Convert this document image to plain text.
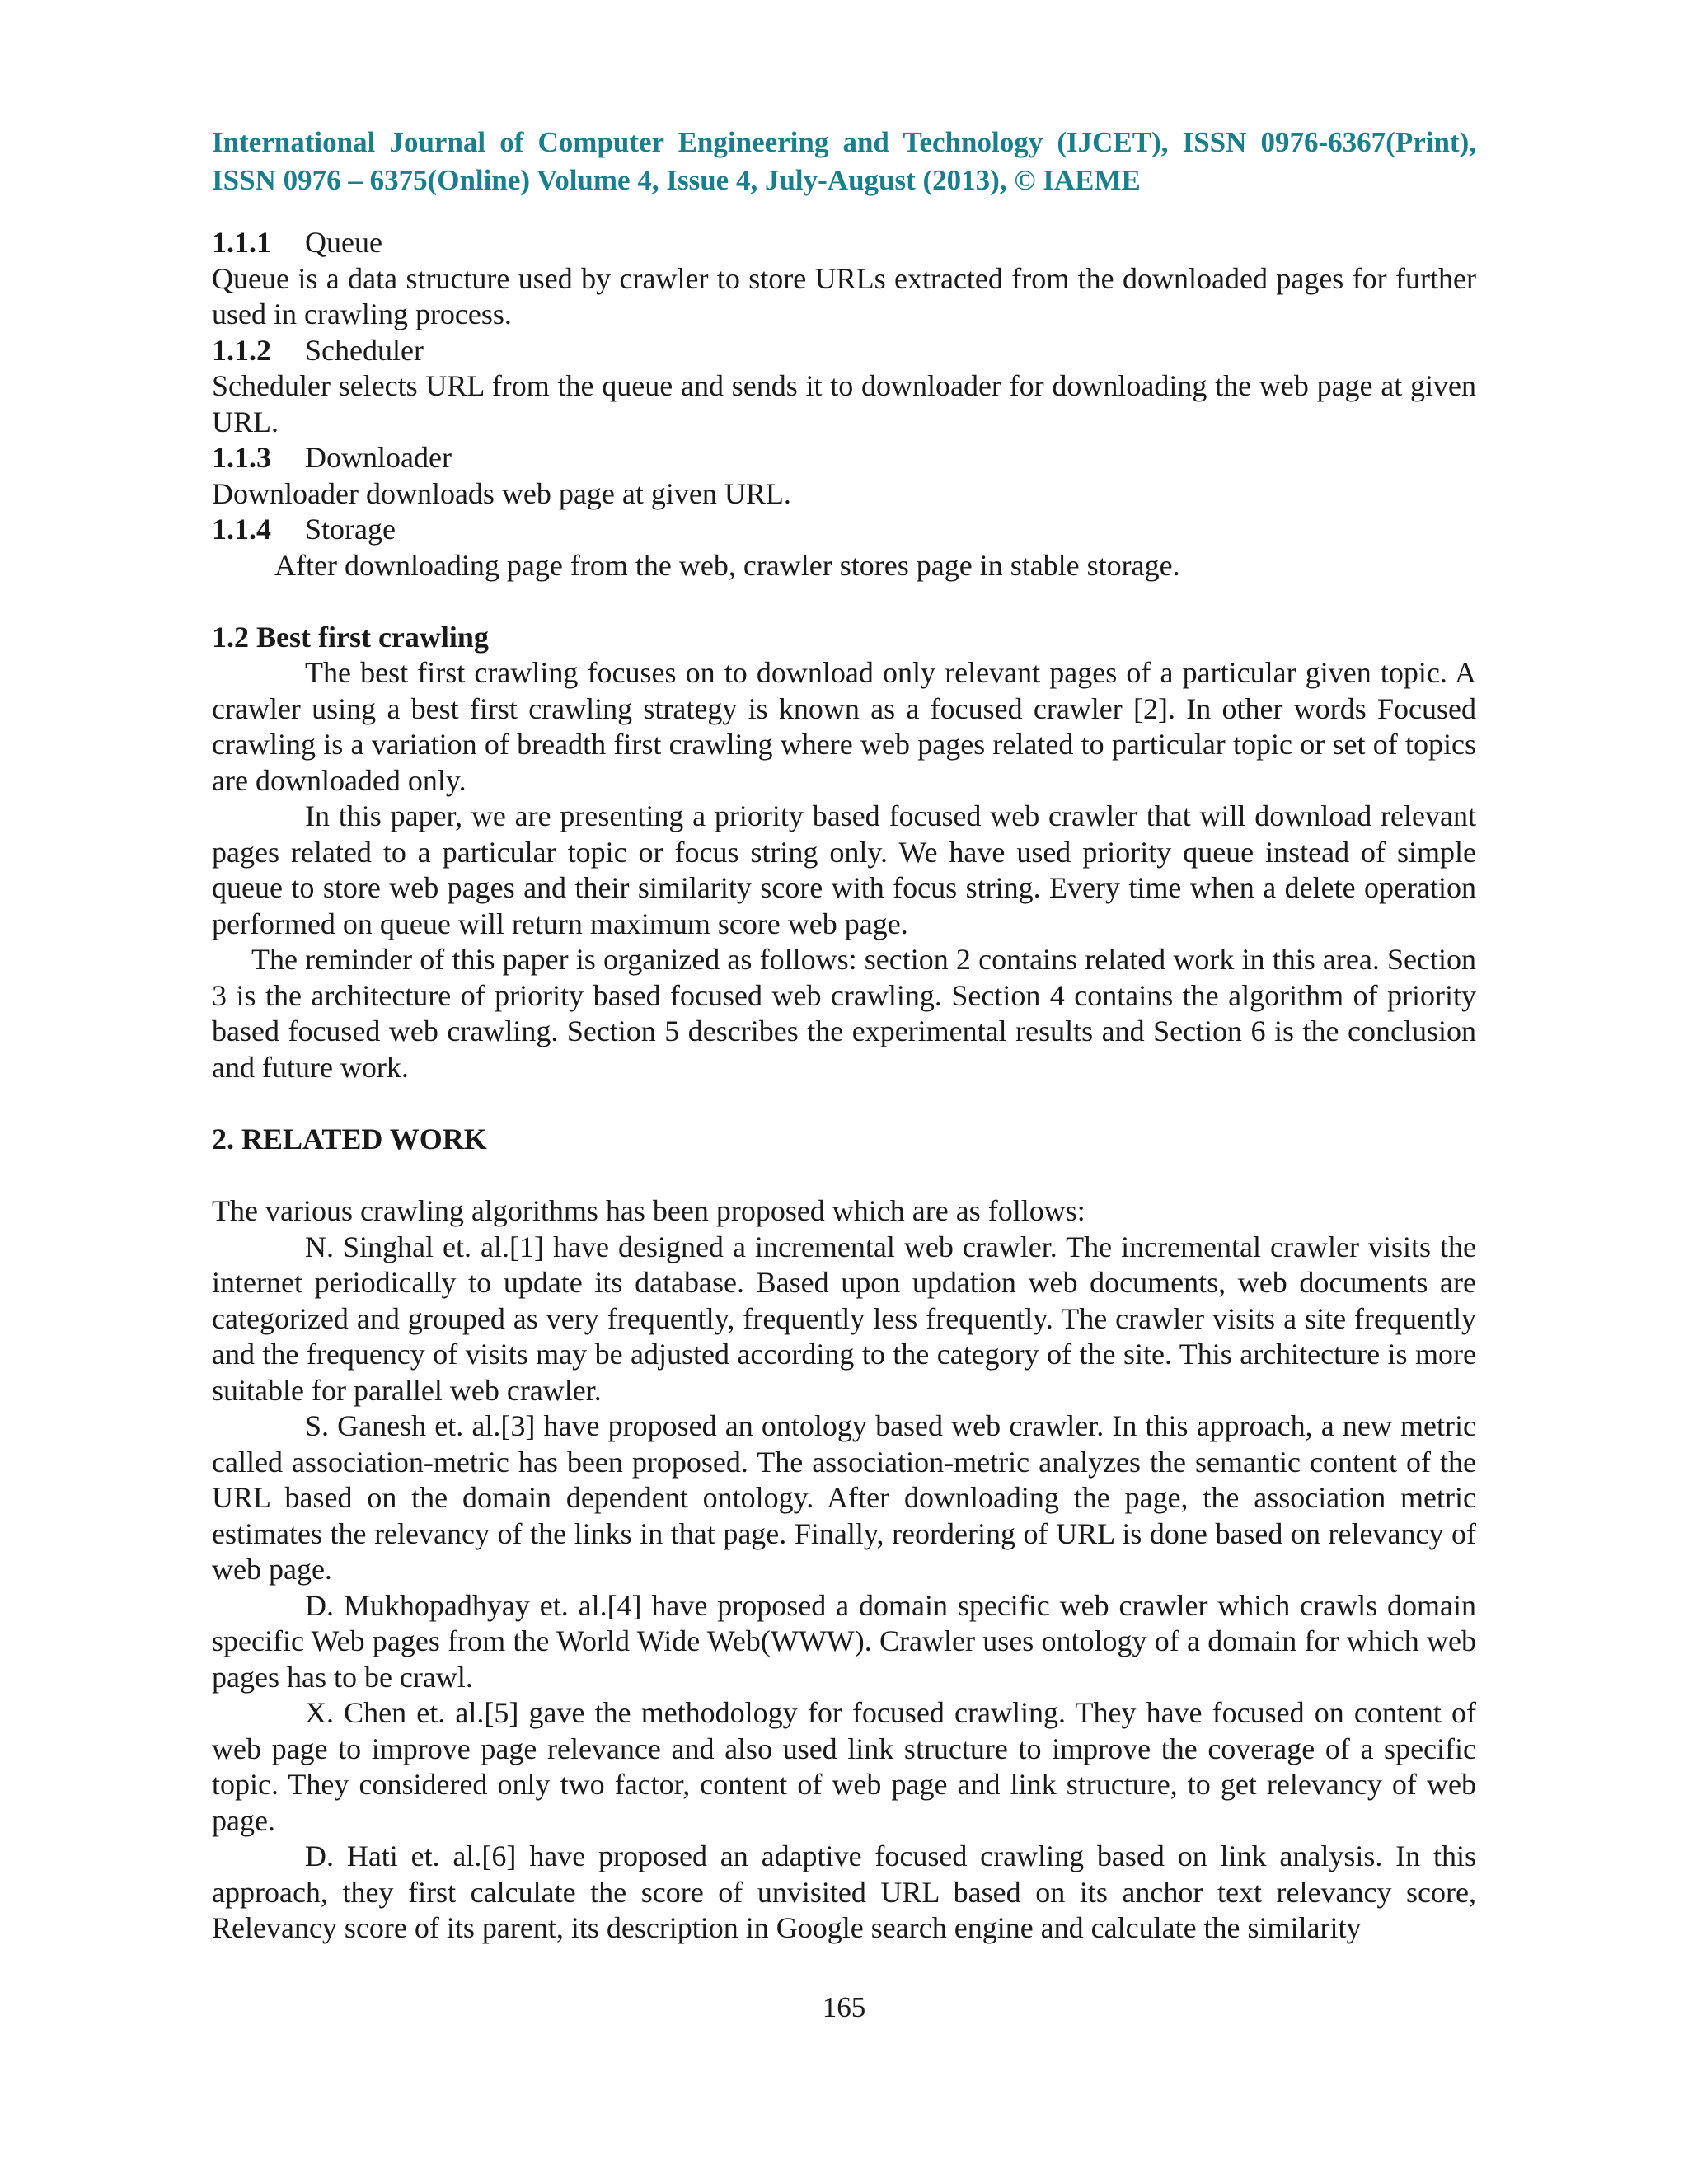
International Journal of Computer Engineering and Technology (IJCET), ISSN 0976-6367(Print), ISSN 0976 – 6375(Online) Volume 4, Issue 4, July-August (2013), © IAEME

1.1.1 Queue

Queue is a data structure used by crawler to store URLs extracted from the downloaded pages for further used in crawling process.

1.1.2 Scheduler

Scheduler selects URL from the queue and sends it to downloader for downloading the web page at given URL.

1.1.3 Downloader

Downloader downloads web page at given URL.

1.1.4 Storage

After downloading page from the web, crawler stores page in stable storage.

1.2 Best first crawling

The best first crawling focuses on to download only relevant pages of a particular given topic. A crawler using a best first crawling strategy is known as a focused crawler [2]. In other words Focused crawling is a variation of breadth first crawling where web pages related to particular topic or set of topics are downloaded only.

In this paper, we are presenting a priority based focused web crawler that will download relevant pages related to a particular topic or focus string only. We have used priority queue instead of simple queue to store web pages and their similarity score with focus string. Every time when a delete operation performed on queue will return maximum score web page.

The reminder of this paper is organized as follows: section 2 contains related work in this area. Section 3 is the architecture of priority based focused web crawling. Section 4 contains the algorithm of priority based focused web crawling. Section 5 describes the experimental results and Section 6 is the conclusion and future work.

2. RELATED WORK

The various crawling algorithms has been proposed which are as follows:

N. Singhal et. al.[1] have designed a incremental web crawler. The incremental crawler visits the internet periodically to update its database. Based upon updation web documents, web documents are categorized and grouped as very frequently, frequently less frequently. The crawler visits a site frequently and the frequency of visits may be adjusted according to the category of the site. This architecture is more suitable for parallel web crawler.

S. Ganesh et. al.[3] have proposed an ontology based web crawler. In this approach, a new metric called association-metric has been proposed. The association-metric analyzes the semantic content of the URL based on the domain dependent ontology. After downloading the page, the association metric estimates the relevancy of the links in that page. Finally, reordering of URL is done based on relevancy of web page.

D. Mukhopadhyay et. al.[4] have proposed a domain specific web crawler which crawls domain specific Web pages from the World Wide Web(WWW). Crawler uses ontology of a domain for which web pages has to be crawl.

X. Chen et. al.[5] gave the methodology for focused crawling. They have focused on content of web page to improve page relevance and also used link structure to improve the coverage of a specific topic. They considered only two factor, content of web page and link structure, to get relevancy of web page.

D. Hati et. al.[6] have proposed an adaptive focused crawling based on link analysis. In this approach, they first calculate the score of unvisited URL based on its anchor text relevancy score, Relevancy score of its parent, its description in Google search engine and calculate the similarity

165
